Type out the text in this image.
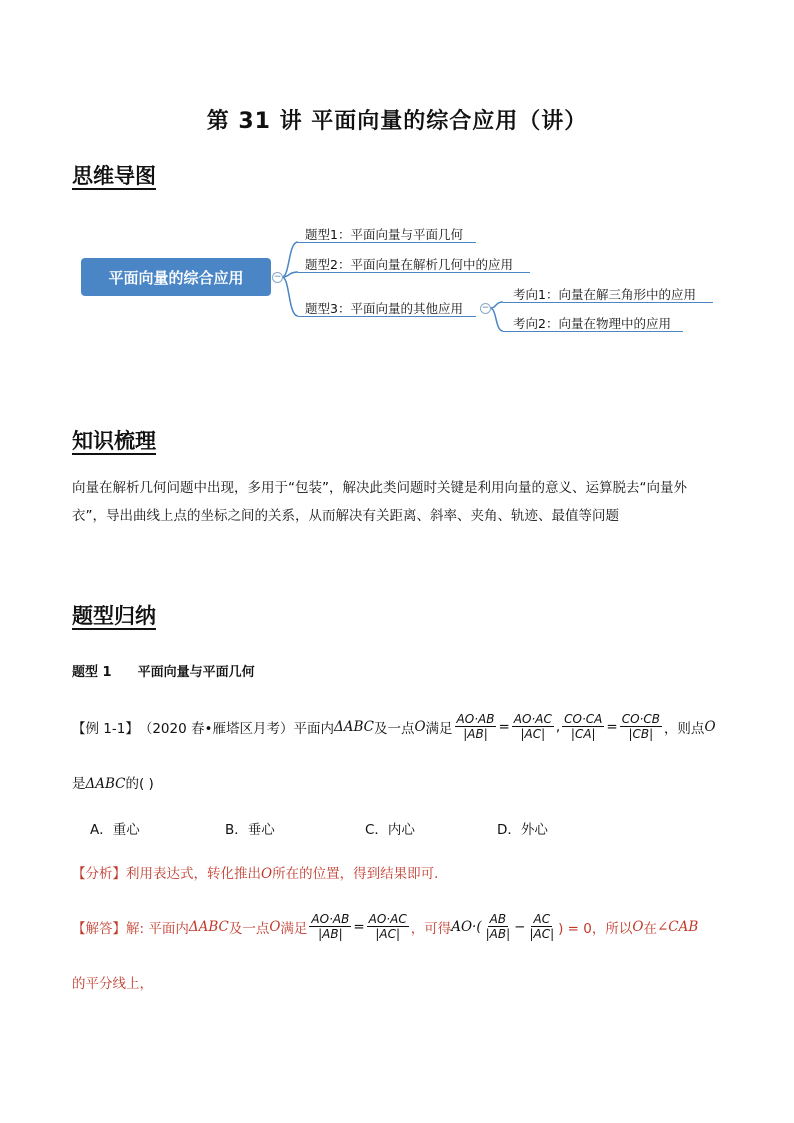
第 31 讲 平面向量的综合应用（讲）
思维导图
平面向量的综合应用	−
题型1：平面向量与平面几何
题型2：平面向量在解析几何中的应用
题型3：平面向量的其他应用 −
考向1：向量在解三角形中的应用
考向2：向量在物理中的应用
知识梳理
向量在解析几何问题中出现，多用于“包装”，解决此类问题时关键是利用向量的意义、运算脱去“向量外
衣”，导出曲线上点的坐标之间的关系，从而解决有关距离、斜率、夹角、轨迹、最值等问题
题型归纳
题型 1 平面向量与平面几何
【例 1-1】 （2020 春•雁塔区月考）平面内 ΔABC 及一点 O 满足 $\frac{AO\cdot AB}{|AB|} = \frac{AO\cdot AC}{|AC|}$ , $\frac{CO\cdot CA}{|CA|} = \frac{CO\cdot CB}{|CB|}$ ，则点 O
是ΔABC的( )
A．重心	B．垂心	C．内心	D．外心
【分析】利用表达式，转化推出O所在的位置，得到结果即可．
【解答】 解: 平面内 ΔABC 及一点 O 满足 $\frac{AO\cdot AB}{|AB|} = \frac{AO\cdot AC}{|AC|}$ ，可得 $AO\cdot( \frac{AB}{|AB|} - \frac{AC}{|AC|}$ ) = 0，所以 O 在 ∠CAB
的平分线上，
